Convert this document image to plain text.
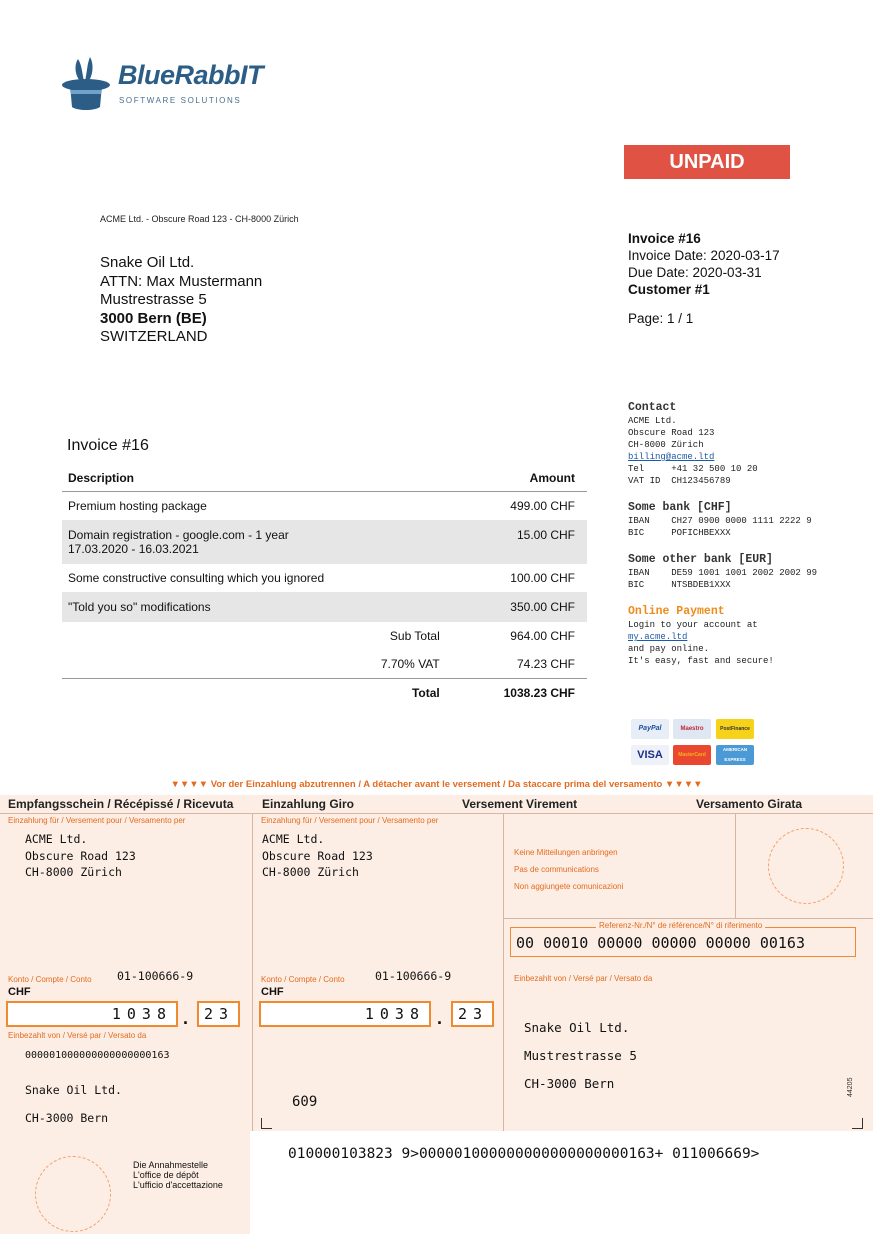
BlueRabbIT
SOFTWARE SOLUTIONS
UNPAID
ACME Ltd. - Obscure Road 123 - CH-8000 Zürich
Snake Oil Ltd.
ATTN: Max Mustermann
Mustrestrasse 5
3000 Bern (BE)
SWITZERLAND
Invoice #16
Invoice Date: 2020-03-17
Due Date: 2020-03-31
Customer #1
Page: 1 / 1
Contact
ACME Ltd.
Obscure Road 123
CH-8000 Zürich
billing@acme.ltd
Tel     +41 32 500 10 20
VAT ID  CH123456789
Some bank [CHF]
IBAN    CH27 0900 0000 1111 2222 9
BIC     POFICHBEXXX
Some other bank [EUR]
IBAN    DE59 1001 1001 2002 2002 99
BIC     NTSBDEB1XXX
Online Payment
Login to your account at
my.acme.ltd
and pay online.
It's easy, fast and secure!
Invoice #16
Description	Amount
Premium hosting package	499.00 CHF
Domain registration - google.com - 1 year
17.03.2020 - 16.03.2021	15.00 CHF
Some constructive consulting which you ignored	100.00 CHF
"Told you so" modifications	350.00 CHF
Sub Total	964.00 CHF
7.70% VAT	74.23 CHF
Total	1038.23 CHF
PayPal	Maestro	PostFinance
VISA	MasterCard
AMERICAN EXPRESS
▼▼▼▼ Vor der Einzahlung abzutrennen / A détacher avant le versement / Da staccare prima del versamento ▼▼▼▼
Empfangsschein / Récépissé / Ricevuta Einzahlung Giro	Versement Virement	Versamento Girata
Einzahlung für / Versement pour / Versamento per
ACME Ltd.
Obscure Road 123
CH-8000 Zürich
Konto / Compte / Conto 01-100666-9
CHF
1038 .	23
Einbezahlt von / Versé par / Versato da
000001000000000000000163
Snake Oil Ltd.
CH-3000 Bern
Die Annahmestelle
L'office de dépôt
L'ufficio d'accettazione
Einzahlung für / Versement pour / Versamento per
ACME Ltd.
Obscure Road 123
CH-8000 Zürich
Konto / Compte / Conto	01-100666-9
CHF
1038 .	23
609
Keine Mitteilungen anbringen
Pas de communications
Non aggiungete comunicazioni
Referenz-Nr./N° de référence/N° di riferimento
00 00010 00000 00000 00000 00163
Einbezahlt von / Versé par / Versato da
Snake Oil Ltd.
Mustrestrasse 5
CH-3000 Bern	44205
010000103823 9>000001000000000000000000163+ 011006669>
